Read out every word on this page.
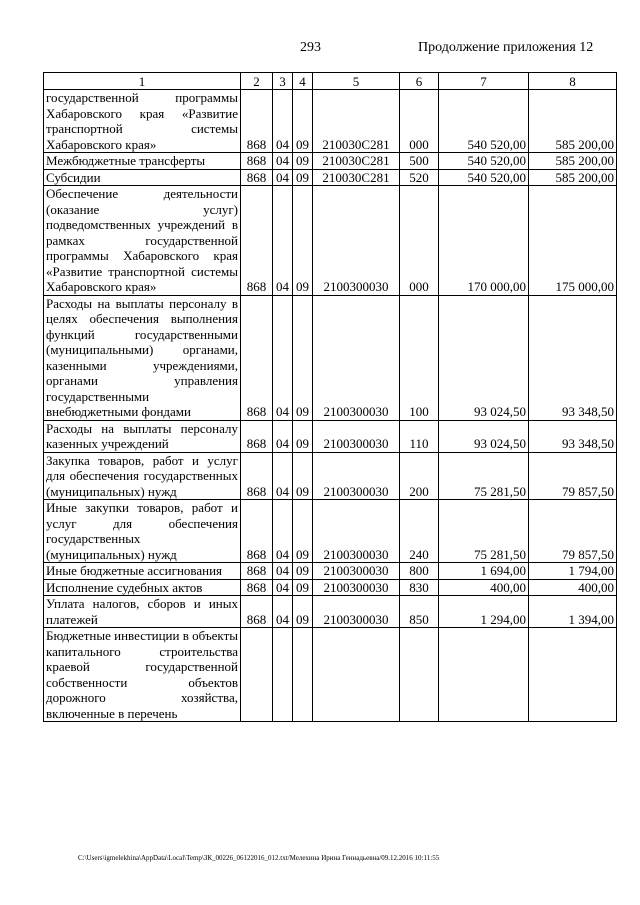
293	Продолжение приложения 12
1	2	3	4	5	6	7	8
государственной программы Хабаровского края «Развитие транспортной системы Хабаровского края»	868	04	09	210030С281	000	540 520,00	585 200,00
Межбюджетные трансферты	868	04	09	210030С281	500	540 520,00	585 200,00
Субсидии	868	04	09	210030С281	520	540 520,00	585 200,00
Обеспечение деятельности (оказание услуг) подведомственных учреждений в рамках государственной программы Хабаровского края «Развитие транспортной системы Хабаровского края»	868	04	09	2100300030	000	170 000,00	175 000,00
Расходы на выплаты персоналу в целях обеспечения выполнения функций государственными (муниципальными) органами, казенными учреждениями, органами управления государственными внебюджетными фондами	868	04	09	2100300030	100	93 024,50	93 348,50
Расходы на выплаты персоналу казенных учреждений	868	04	09	2100300030	110	93 024,50	93 348,50
Закупка товаров, работ и услуг для обеспечения государственных (муниципальных) нужд	868	04	09	2100300030	200	75 281,50	79 857,50
Иные закупки товаров, работ и услуг для обеспечения государственных (муниципальных) нужд	868	04	09	2100300030	240	75 281,50	79 857,50
Иные бюджетные ассигнования	868	04	09	2100300030	800	1 694,00	1 794,00
Исполнение судебных актов	868	04	09	2100300030	830	400,00	400,00
Уплата налогов, сборов и иных платежей	868	04	09	2100300030	850	1 294,00	1 394,00
Бюджетные инвестиции в объекты капитального строительства краевой государственной собственности объектов дорожного хозяйства, включенные в перечень							
C:\Users\igmelekhina\AppData\Local\Temp\ЗК_00226_06122016_012.txt/Мелехина Ирина Геннадьевна/09.12.2016 10:11:55
